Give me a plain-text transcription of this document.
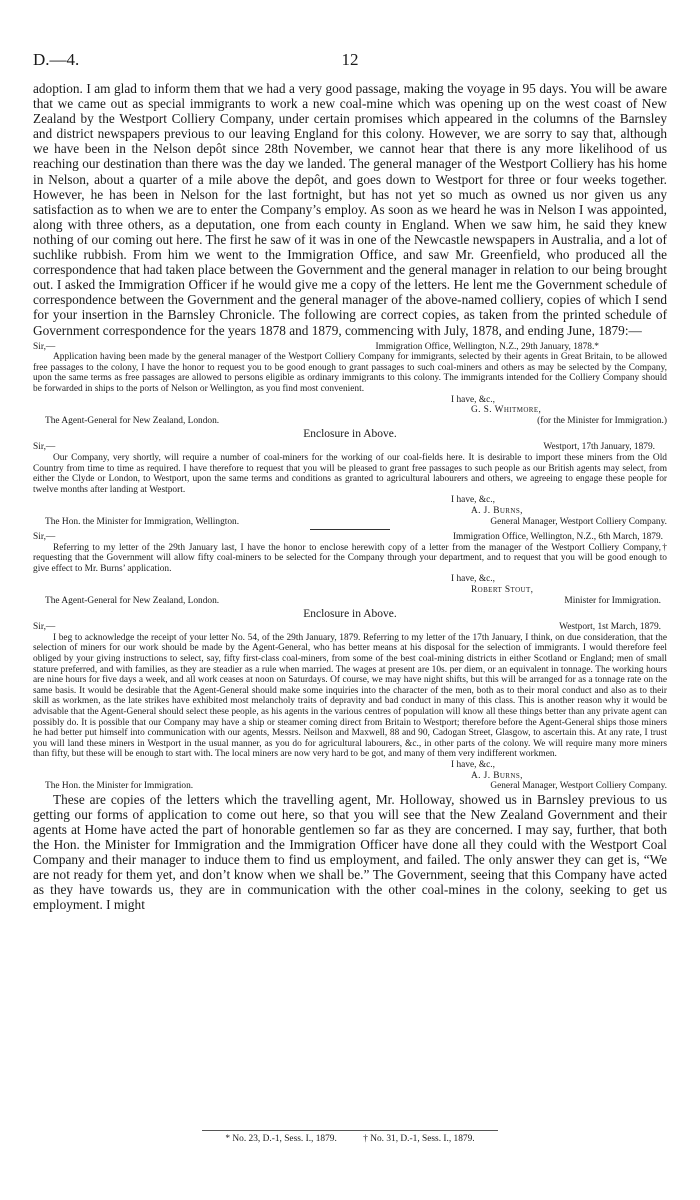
D.—4.	12

adoption. I am glad to inform them that we had a very good passage, making the voyage in 95 days. You will be aware that we came out as special immigrants to work a new coal-mine which was opening up on the west coast of New Zealand by the Westport Colliery Company, under certain promises which appeared in the columns of the Barnsley and district newspapers previous to our leaving England for this colony. However, we are sorry to say that, although we have been in the Nelson depôt since 28th November, we cannot hear that there is any more likelihood of us reaching our destination than there was the day we landed. The general manager of the Westport Colliery has his home in Nelson, about a quarter of a mile above the depôt, and goes down to Westport for three or four weeks together. However, he has been in Nelson for the last fortnight, but has not yet so much as owned us nor given us any satisfaction as to when we are to enter the Company’s employ. As soon as we heard he was in Nelson I was appointed, along with three others, as a deputation, one from each county in England. When we saw him, he said they knew nothing of our coming out here. The first he saw of it was in one of the Newcastle newspapers in Australia, and a lot of suchlike rubbish. From him we went to the Immigration Office, and saw Mr. Greenfield, who produced all the correspondence that had taken place between the Government and the general manager in relation to our being brought out. I asked the Immigration Officer if he would give me a copy of the letters. He lent me the Government schedule of correspondence between the Government and the general manager of the above-named colliery, copies of which I send for your insertion in the Barnsley Chronicle. The following are correct copies, as taken from the printed schedule of Government correspondence for the years 1878 and 1879, commencing with July, 1878, and ending June, 1879:—

Sir,—	Immigration Office, Wellington, N.Z., 29th January, 1878.*

Application having been made by the general manager of the Westport Colliery Company for immigrants, selected by their agents in Great Britain, to be allowed free passages to the colony, I have the honor to request you to be good enough to grant passages to such coal-miners and others as may be selected by the Company, upon the same terms as free passages are allowed to persons eligible as ordinary immigrants to this colony. The immigrants intended for the Colliery Company should be forwarded in ships to the ports of Nelson or Wellington, as you find most convenient.

I have, &c.,
G. S. Whitmore,
The Agent-General for New Zealand, London.	(for the Minister for Immigration.)
Enclosure in Above.
Sir,—	Westport, 17th January, 1879.

Our Company, very shortly, will require a number of coal-miners for the working of our coal-fields here. It is desirable to import these miners from the Old Country from time to time as required. I have therefore to request that you will be pleased to grant free passages to such people as our British agents may select, from either the Clyde or London, to Westport, upon the same terms and conditions as granted to agricultural labourers and others, we agreeing to engage these people for twelve months after landing at Westport.

I have, &c.,
A. J. Burns,
The Hon. the Minister for Immigration, Wellington.	General Manager, Westport Colliery Company.
Sir,—	Immigration Office, Wellington, N.Z., 6th March, 1879.

Referring to my letter of the 29th January last, I have the honor to enclose herewith copy of a letter from the manager of the Westport Colliery Company,† requesting that the Government will allow fifty coal-miners to be selected for the Company through your department, and to request that you will be good enough to give effect to Mr. Burns’ application.

I have, &c.,
Robert Stout,
The Agent-General for New Zealand, London.	Minister for Immigration.
Enclosure in Above.
Sir,—	Westport, 1st March, 1879.

I beg to acknowledge the receipt of your letter No. 54, of the 29th January, 1879. Referring to my letter of the 17th January, I think, on due consideration, that the selection of miners for our work should be made by the Agent-General, who has better means at his disposal for the selection of immigrants. I would therefore feel obliged by your giving instructions to select, say, fifty first-class coal-miners, from some of the best coal-mining districts in either Scotland or England; men of small stature preferred, and with families, as they are steadier as a rule when married. The wages at present are 10s. per diem, or an equivalent in tonnage. The working hours are nine hours for five days a week, and all work ceases at noon on Saturdays. Of course, we may have night shifts, but this will be arranged for as a tonnage rate on the same basis. It would be desirable that the Agent-General should make some inquiries into the character of the men, both as to their moral conduct and also as to their skill as workmen, as the late strikes have exhibited most melancholy traits of depravity and bad conduct in many of this class. This is another reason why it would be advisable that the Agent-General should select these people, as his agents in the various centres of population will know all these things better than any private agent can possibly do. It is possible that our Company may have a ship or steamer coming direct from Britain to Westport; therefore before the Agent-General ships those miners he had better put himself into communication with our agents, Messrs. Neilson and Maxwell, 88 and 90, Cadogan Street, Glasgow, to ascertain this. At any rate, I trust you will land these miners in Westport in the usual manner, as you do for agricultural labourers, &c., in other parts of the colony. We will require many more miners than fifty, but these will be enough to start with. The local miners are now very hard to be got, and many of them very indifferent workmen.

I have, &c.,
A. J. Burns,
The Hon. the Minister for Immigration.	General Manager, Westport Colliery Company.

These are copies of the letters which the travelling agent, Mr. Holloway, showed us in Barnsley previous to us getting our forms of application to come out here, so that you will see that the New Zealand Government and their agents at Home have acted the part of honorable gentlemen so far as they are concerned. I may say, further, that both the Hon. the Minister for Immigration and the Immigration Officer have done all they could with the Westport Coal Company and their manager to induce them to find us employment, and failed. The only answer they can get is, “We are not ready for them yet, and don’t know when we shall be.” The Government, seeing that this Company have acted as they have towards us, they are in communication with the other coal-mines in the colony, seeking to get us employment. I might

* No. 23, D.-1, Sess. I., 1879.	† No. 31, D.-1, Sess. I., 1879.
